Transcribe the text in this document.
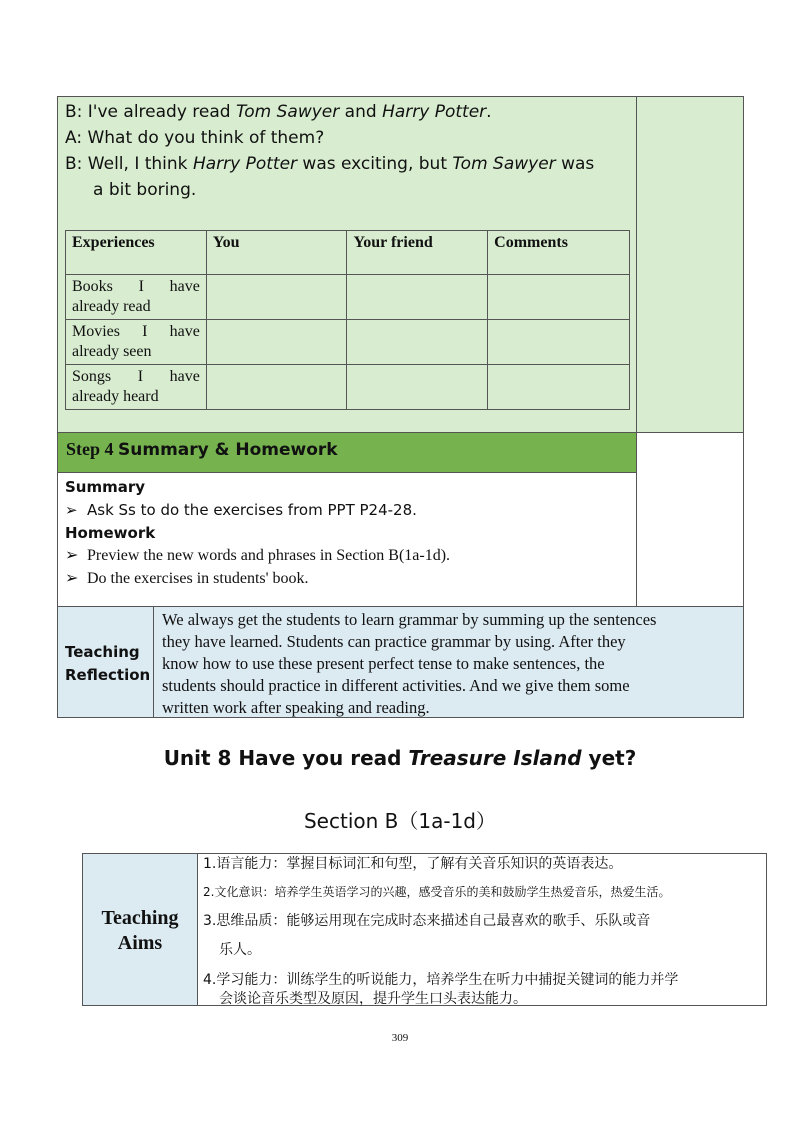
B: I've already read Tom Sawyer and Harry Potter.
A: What do you think of them?
B: Well, I think Harry Potter was exciting, but Tom Sawyer was
a bit boring.
Experiences	You	Your friend	Comments

Books I have
already read			

Movies I have
already seen			

Songs I have
already heard			
Step 4 Summary & Homework
Summary
➢ Ask Ss to do the exercises from PPT P24-28.
Homework
➢ Preview the new words and phrases in Section B(1a-1d).
➢ Do the exercises in students' book.
Teaching
Reflection
We always get the students to learn grammar by summing up the sentences
they have learned. Students can practice grammar by using. After they
know how to use these present perfect tense to make sentences, the
students should practice in different activities. And we give them some
written work after speaking and reading.
Unit 8 Have you read Treasure Island yet?
Section B（1a-1d）
Teaching
Aims
1.语言能力：掌握目标词汇和句型，了解有关音乐知识的英语表达。
2.文化意识：培养学生英语学习的兴趣，感受音乐的美和鼓励学生热爱音乐，热爱生活。
3.思维品质：能够运用现在完成时态来描述自己最喜欢的歌手、乐队或音
乐人。
4.学习能力：训练学生的听说能力，培养学生在听力中捕捉关键词的能力并学
会谈论音乐类型及原因，提升学生口头表达能力。
309
